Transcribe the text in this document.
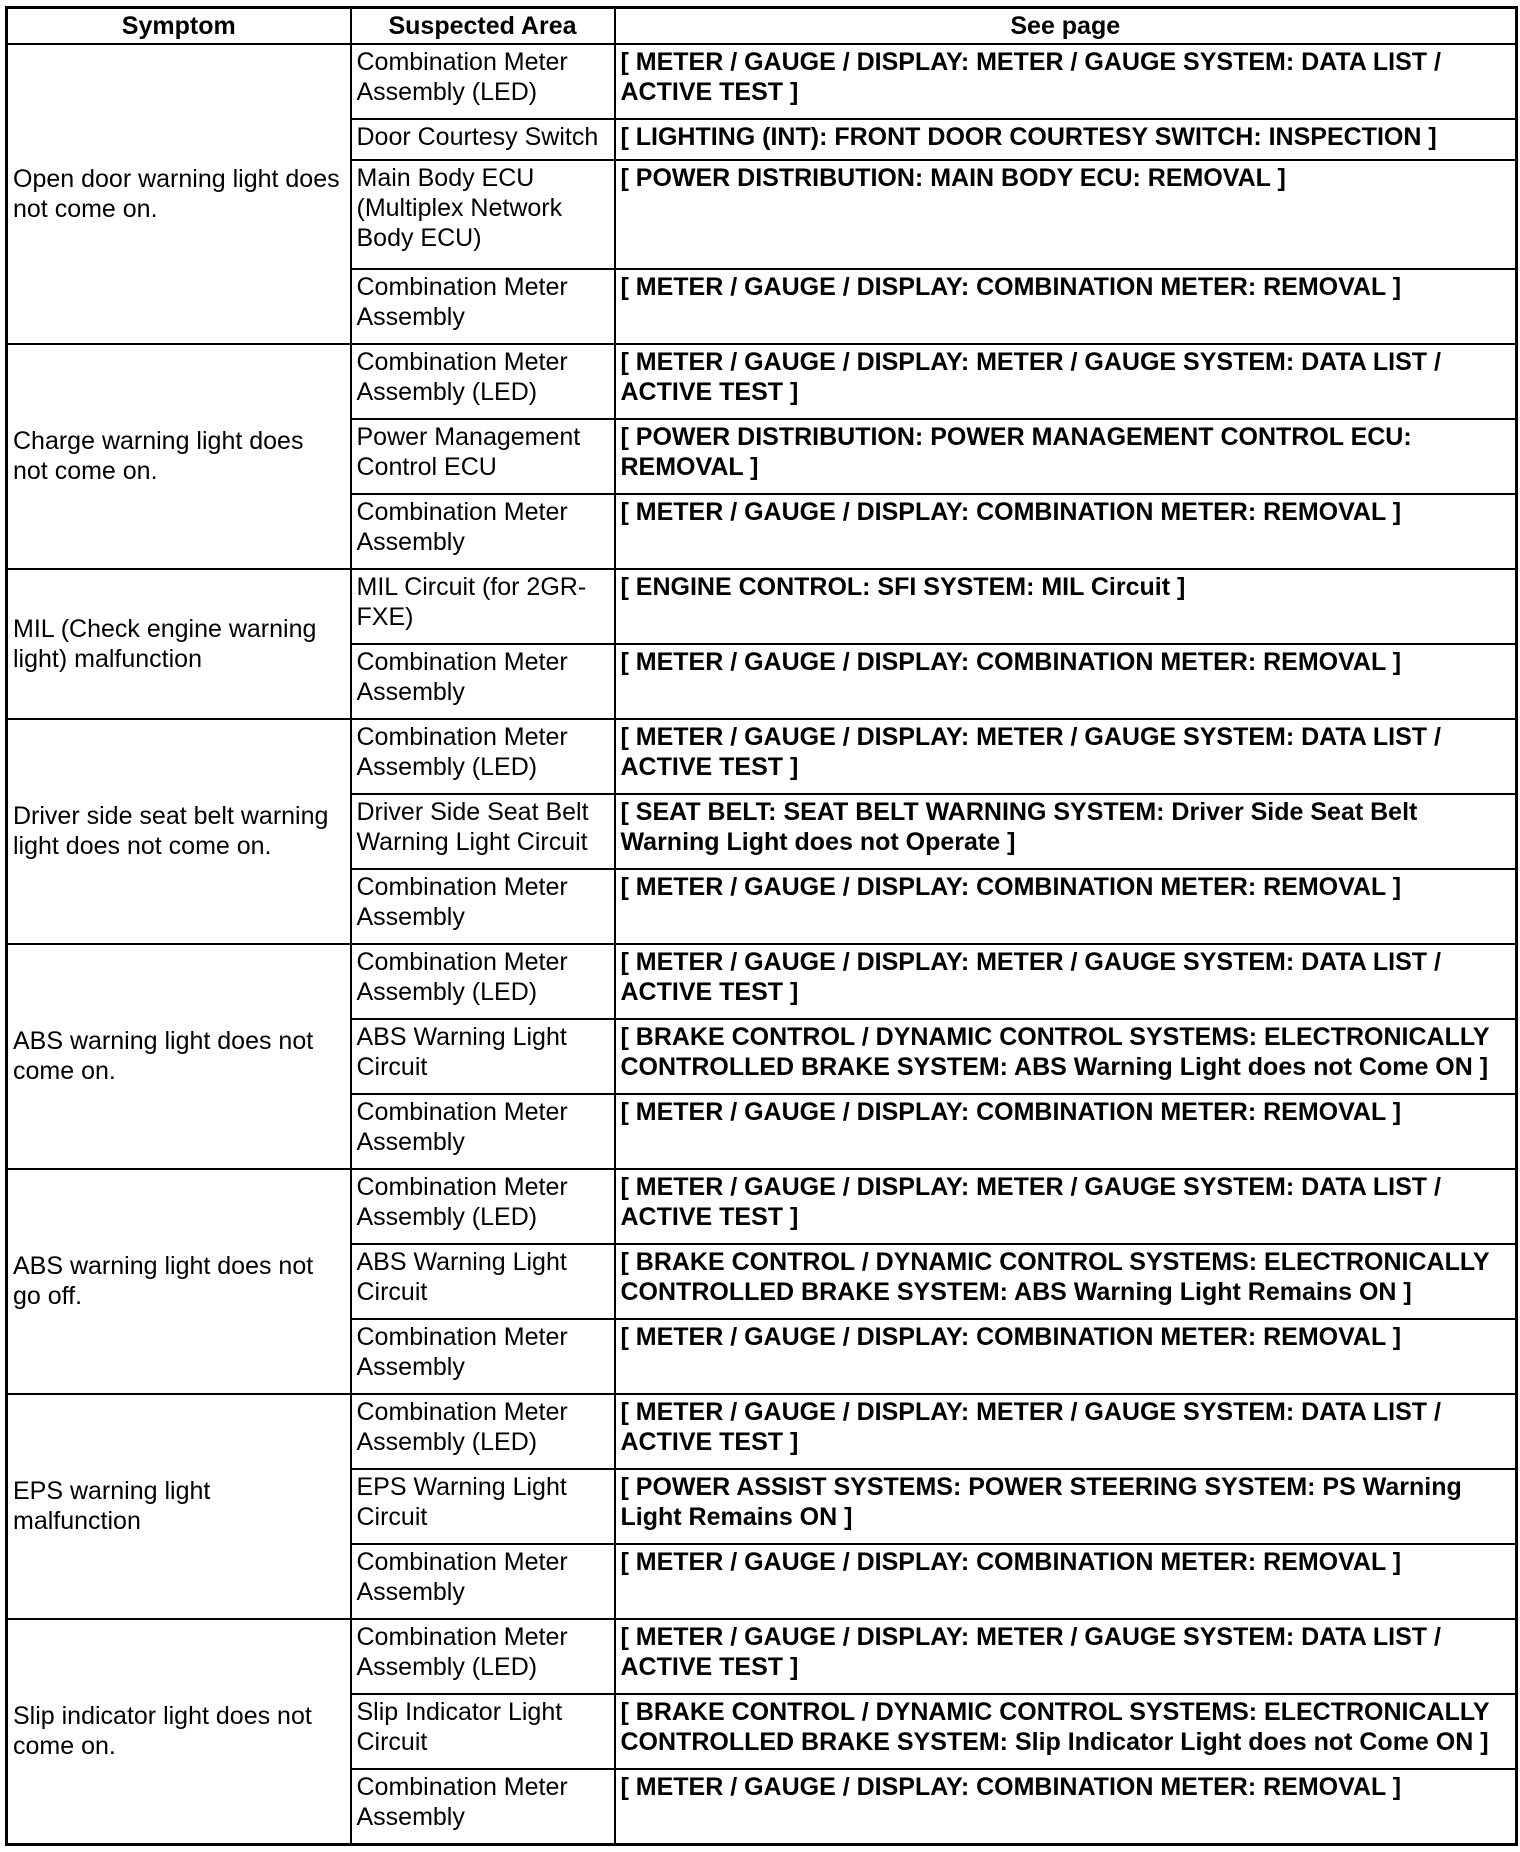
Symptom	Suspected Area	See page
Open door warning light does not come on.	Combination Meter Assembly (LED)	[ METER / GAUGE / DISPLAY: METER / GAUGE SYSTEM: DATA LIST / ACTIVE TEST ]
	Door Courtesy Switch	[ LIGHTING (INT): FRONT DOOR COURTESY SWITCH: INSPECTION ]
	Main Body ECU (Multiplex Network Body ECU)	[ POWER DISTRIBUTION: MAIN BODY ECU: REMOVAL ]
	Combination Meter Assembly	[ METER / GAUGE / DISPLAY: COMBINATION METER: REMOVAL ]
Charge warning light does not come on.	Combination Meter Assembly (LED)	[ METER / GAUGE / DISPLAY: METER / GAUGE SYSTEM: DATA LIST / ACTIVE TEST ]
	Power Management Control ECU	[ POWER DISTRIBUTION: POWER MANAGEMENT CONTROL ECU: REMOVAL ]
	Combination Meter Assembly	[ METER / GAUGE / DISPLAY: COMBINATION METER: REMOVAL ]
MIL (Check engine warning light) malfunction	MIL Circuit (for 2GR-FXE)	[ ENGINE CONTROL: SFI SYSTEM: MIL Circuit ]
	Combination Meter Assembly	[ METER / GAUGE / DISPLAY: COMBINATION METER: REMOVAL ]
Driver side seat belt warning light does not come on.	Combination Meter Assembly (LED)	[ METER / GAUGE / DISPLAY: METER / GAUGE SYSTEM: DATA LIST / ACTIVE TEST ]
	Driver Side Seat Belt Warning Light Circuit	[ SEAT BELT: SEAT BELT WARNING SYSTEM: Driver Side Seat Belt Warning Light does not Operate ]
	Combination Meter Assembly	[ METER / GAUGE / DISPLAY: COMBINATION METER: REMOVAL ]
ABS warning light does not come on.	Combination Meter Assembly (LED)	[ METER / GAUGE / DISPLAY: METER / GAUGE SYSTEM: DATA LIST / ACTIVE TEST ]
	ABS Warning Light Circuit	[ BRAKE CONTROL / DYNAMIC CONTROL SYSTEMS: ELECTRONICALLY CONTROLLED BRAKE SYSTEM: ABS Warning Light does not Come ON ]
	Combination Meter Assembly	[ METER / GAUGE / DISPLAY: COMBINATION METER: REMOVAL ]
ABS warning light does not go off.	Combination Meter Assembly (LED)	[ METER / GAUGE / DISPLAY: METER / GAUGE SYSTEM: DATA LIST / ACTIVE TEST ]
	ABS Warning Light Circuit	[ BRAKE CONTROL / DYNAMIC CONTROL SYSTEMS: ELECTRONICALLY CONTROLLED BRAKE SYSTEM: ABS Warning Light Remains ON ]
	Combination Meter Assembly	[ METER / GAUGE / DISPLAY: COMBINATION METER: REMOVAL ]
EPS warning light malfunction	Combination Meter Assembly (LED)	[ METER / GAUGE / DISPLAY: METER / GAUGE SYSTEM: DATA LIST / ACTIVE TEST ]
	EPS Warning Light Circuit	[ POWER ASSIST SYSTEMS: POWER STEERING SYSTEM: PS Warning Light Remains ON ]
	Combination Meter Assembly	[ METER / GAUGE / DISPLAY: COMBINATION METER: REMOVAL ]
Slip indicator light does not come on.	Combination Meter Assembly (LED)	[ METER / GAUGE / DISPLAY: METER / GAUGE SYSTEM: DATA LIST / ACTIVE TEST ]
	Slip Indicator Light Circuit	[ BRAKE CONTROL / DYNAMIC CONTROL SYSTEMS: ELECTRONICALLY CONTROLLED BRAKE SYSTEM: Slip Indicator Light does not Come ON ]
	Combination Meter Assembly	[ METER / GAUGE / DISPLAY: COMBINATION METER: REMOVAL ]
